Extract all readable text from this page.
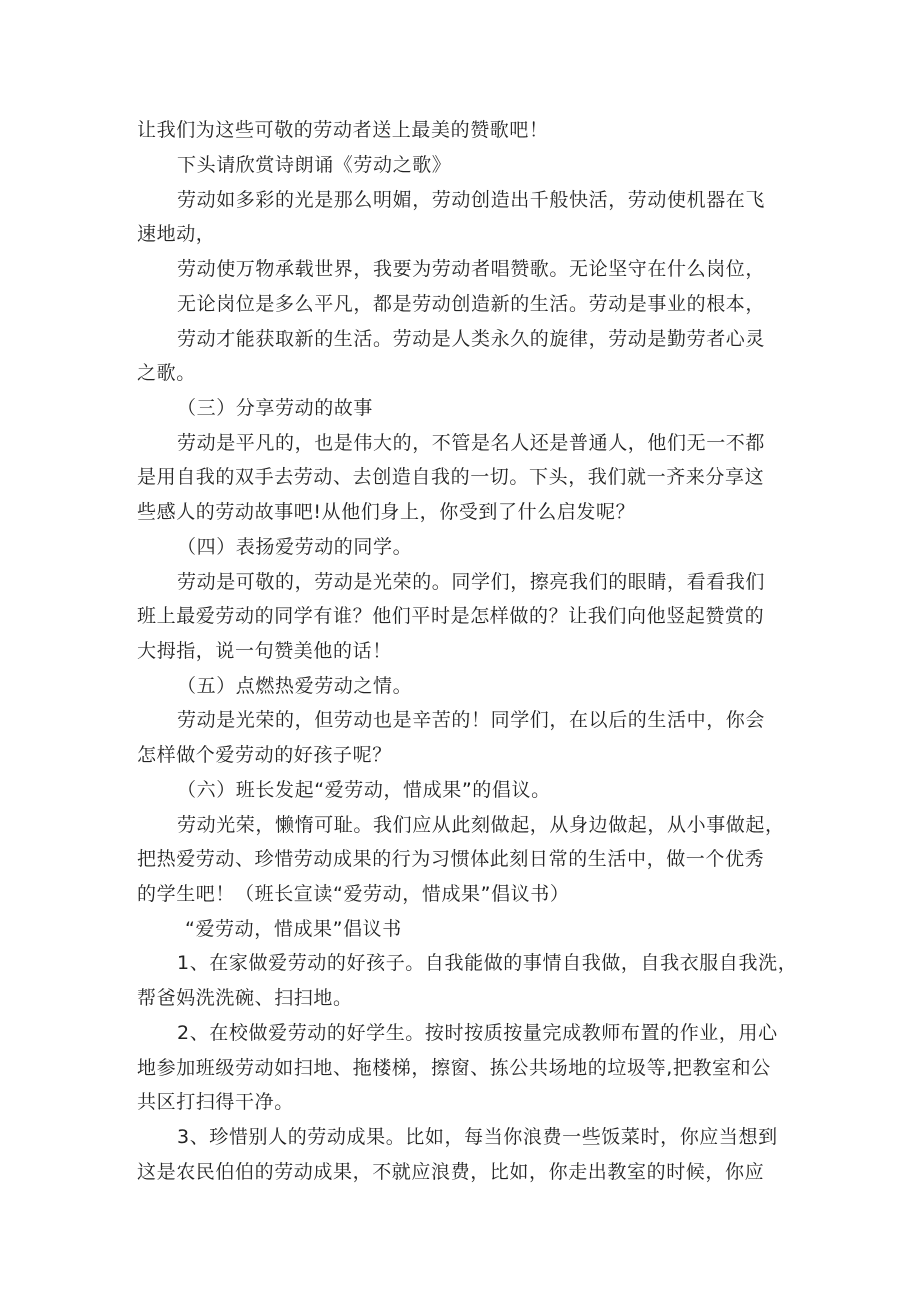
让我们为这些可敬的劳动者送上最美的赞歌吧！
下头请欣赏诗朗诵《劳动之歌》
劳动如多彩的光是那么明媚，劳动创造出千般快活，劳动使机器在飞
速地动，
劳动使万物承载世界，我要为劳动者唱赞歌。无论坚守在什么岗位，
无论岗位是多么平凡，都是劳动创造新的生活。劳动是事业的根本，
劳动才能获取新的生活。劳动是人类永久的旋律，劳动是勤劳者心灵
之歌。
（三）分享劳动的故事
劳动是平凡的，也是伟大的，不管是名人还是普通人，他们无一不都
是用自我的双手去劳动、去创造自我的一切。下头，我们就一齐来分享这
些感人的劳动故事吧!从他们身上，你受到了什么启发呢？
（四）表扬爱劳动的同学。
劳动是可敬的，劳动是光荣的。同学们，擦亮我们的眼睛，看看我们
班上最爱劳动的同学有谁？他们平时是怎样做的？让我们向他竖起赞赏的
大拇指，说一句赞美他的话！
（五）点燃热爱劳动之情。
劳动是光荣的，但劳动也是辛苦的！同学们，在以后的生活中，你会
怎样做个爱劳动的好孩子呢？
（六）班长发起“爱劳动，惜成果”的倡议。
劳动光荣，懒惰可耻。我们应从此刻做起，从身边做起，从小事做起，
把热爱劳动、珍惜劳动成果的行为习惯体此刻日常的生活中，做一个优秀
的学生吧！（班长宣读“爱劳动，惜成果”倡议书）
“爱劳动，惜成果”倡议书
1、在家做爱劳动的好孩子。自我能做的事情自我做，自我衣服自我洗，
帮爸妈洗洗碗、扫扫地。
2、在校做爱劳动的好学生。按时按质按量完成教师布置的作业，用心
地参加班级劳动如扫地、拖楼梯，擦窗、拣公共场地的垃圾等,把教室和公
共区打扫得干净。
3、珍惜别人的劳动成果。比如，每当你浪费一些饭菜时，你应当想到
这是农民伯伯的劳动成果，不就应浪费，比如，你走出教室的时候，你应
